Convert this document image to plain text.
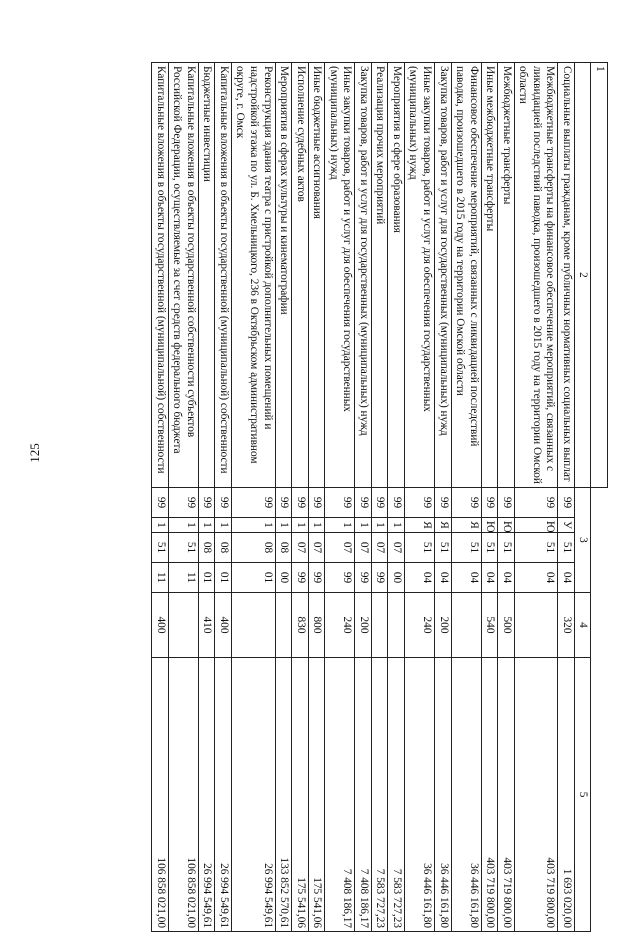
125
1						
2	3				4	5
Социальные выплаты гражданам, кроме публичных нормативных социальных выплат	99	У	51	04	320	1 693 020,00
Межбюджетные трансферты на финансовое обеспечение мероприятий, связанных с ликвидацией последствий паводка, произошедшего в 2015 году на территории Омской области	99	Ю	51	04		403 719 800,00
Межбюджетные трансферты	99	Ю	51	04	500	403 719 800,00
Иные межбюджетные трансферты	99	Ю	51	04	540	403 719 800,00
Финансовое обеспечение мероприятий, связанных с ликвидацией последствий паводка, произошедшего в 2015 году на территории Омской области	99	Я	51	04		36 446 161,80
Закупка товаров, работ и услуг для государственных (муниципальных) нужд	99	Я	51	04	200	36 446 161,80
Иные закупки товаров, работ и услуг для обеспечения государственных (муниципальных) нужд	99	Я	51	04	240	36 446 161,80
Мероприятия в сфере образования	99	1	07	00		7 583 727,23
Реализация прочих мероприятий	99	1	07	99		7 583 727,23
Закупка товаров, работ и услуг для государственных (муниципальных) нужд	99	1	07	99	200	7 408 186,17
Иные закупки товаров, работ и услуг для обеспечения государственных (муниципальных) нужд	99	1	07	99	240	7 408 186,17
Иные бюджетные ассигнования	99	1	07	99	800	175 541,06
Исполнение судебных актов	99	1	07	99	830	175 541,06
Мероприятия в сферах культуры и кинематографии	99	1	08	00		133 852 570,61
Реконструкция здания театра с пристройкой дополнительных помещений и надстройкой этажа по ул. Б. Хмельницкого, 236 в Октябрьском административном округе, г. Омск	99	1	08	01		26 994 549,61
Капитальные вложения в объекты государственной (муниципальной) собственности	99	1	08	01	400	26 994 549,61
Бюджетные инвестиции	99	1	08	01	410	26 994 549,61
Капитальные вложения в объекты государственной собственности субъектов Российской Федерации, осуществляемые за счет средств федерального бюджета	99	1	51	11		106 858 021,00
Капитальные вложения в объекты государственной (муниципальной) собственности	99	1	51	11	400	106 858 021,00
